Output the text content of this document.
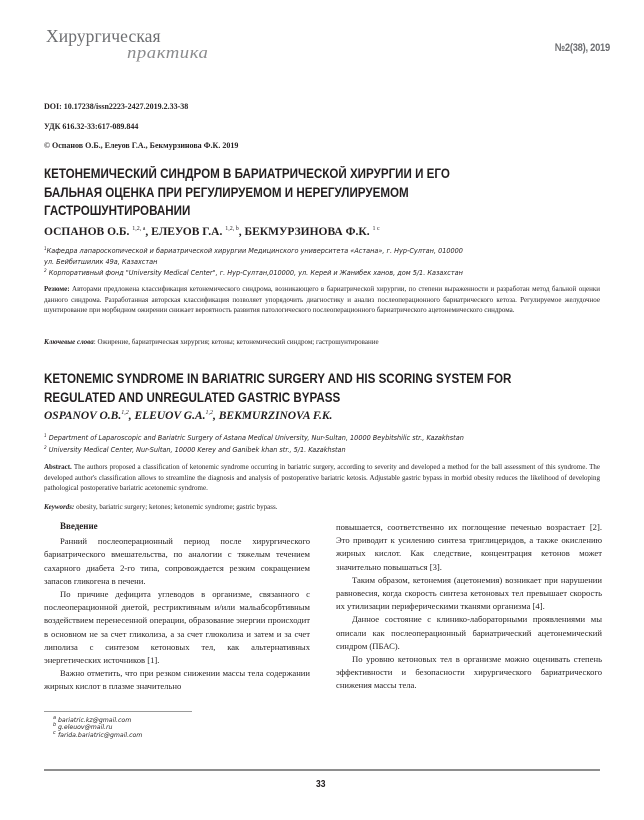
Хирургическая
практика	№2(38), 2019
DOI: 10.17238/issn2223-2427.2019.2.33-38
УДК 616.32-33:617-089.844
© Оспанов О.Б., Елеуов Г.А., Бекмурзинова Ф.К. 2019
КЕТОНЕМИЧЕСКИЙ СИНДРОМ В БАРИАТРИЧЕСКОЙ ХИРУРГИИ И ЕГО
БАЛЬНАЯ ОЦЕНКА ПРИ РЕГУЛИРУЕМОМ И НЕРЕГУЛИРУЕМОМ
ГАСТРОШУНТИРОВАНИИ
ОСПАНОВ О.Б. $^{1,2, a}$, ЕЛЕУОВ Г.А. $^{1,2, b}$, БЕКМУРЗИНОВА Ф.К. $^{1 c}$
$^1$Кафедра лапароскопической и бариатрической хирургии Медицинского университета «Астана», г. Нур-Султан, 010000
ул. Бейбитшилик 49а, Казахстан
$^2$ Корпоративный фонд "University Medical Center", г. Нур-Султан,010000, ул. Керей и Жанибек ханов, дом 5/1. Казахстан
Резюме: Авторами предложена классификация кетонемического синдрома, возникающего в бариатрической хирургии, по степени выраженности и разработан метод бальной оценки данного синдрома. Разработанная авторская классификация позволяет упорядочить диагностику и анализ послеоперационного бариатрического кетоза. Регулируемое желудочное шунтирование при морбидном ожирении снижает вероятность развития патологического послеоперационного бариатрического ацетонемического синдрома.
Ключевые слова: Ожирение, бариатрическая хирургия; кетоны; кетонемический синдром; гастрошунтирование
KETONEMIC SYNDROME IN BARIATRIC SURGERY AND HIS SCORING SYSTEM FOR
REGULATED AND UNREGULATED GASTRIC BYPASS
OSPANOV O.B.$^{1,2}$, ELEUOV G.A.$^{1,2}$, BEKMURZINOVA F.K.
$^1$ Department of Laparoscopic and Bariatric Surgery of Astana Medical University, Nur-Sultan, 10000 Beybitshilic str., Kazakhstan
$^2$ University Medical Center, Nur-Sultan, 10000 Kerey and Ganibek khan str., 5/1. Kazakhstan
Abstract. The authors proposed a classification of ketonemic syndrome occurring in bariatric surgery, according to severity and developed a method for the ball assessment of this syndrome. The developed author's classification allows to streamline the diagnosis and analysis of postoperative bariatric ketosis. Adjustable gastric bypass in morbid obesity reduces the likelihood of developing pathological postoperative bariatric acetonemic syndrome.
Keywords: obesity, bariatric surgery; ketones; ketonemic syndrome; gastric bypass.
Введение

Ранний послеоперационный период после хирургического бариатрического вмешательства, по аналогии с тяжелым течением сахарного диабета 2-го типа, сопровождается резким сокращением запасов гликогена в печени.

По причине дефицита углеводов в организме, связанного с послеоперационной диетой, рестриктивным и/или мальабсорбтивным воздействием перенесенной операции, образование энергии происходит в основном не за счет гликолиза, а за счет глюколиза и затем и за счет липолиза с синтезом кетоновых тел, как альтернативных энергетических источников [1].

Важно отметить, что при резком снижении массы тела содержании жирных кислот в плазме значительно

повышается, соответственно их поглощение печенью возрастает [2]. Это приводит к усилению синтеза триглицеридов, а также окислению жирных кислот. Как следствие, концентрация кетонов может значительно повышаться [3].

Таким образом, кетонемия (ацетонемия) возникает при нарушении равновесия, когда скорость синтеза кетоновых тел превышает скорость их утилизации периферическими тканями организма [4].

Данное состояние с клинико-лабораторными проявлениями мы описали как послеоперационный бариатрический ацетонемический синдром (ПБАС).

По уровню кетоновых тел в организме можно оценивать степень эффективности и безопасности хирургического бариатрического снижения массы тела.

a bariatric.kz@gmail.com
b g.eleuov@mail.ru
c farida.bariatric@gmail.com
33
